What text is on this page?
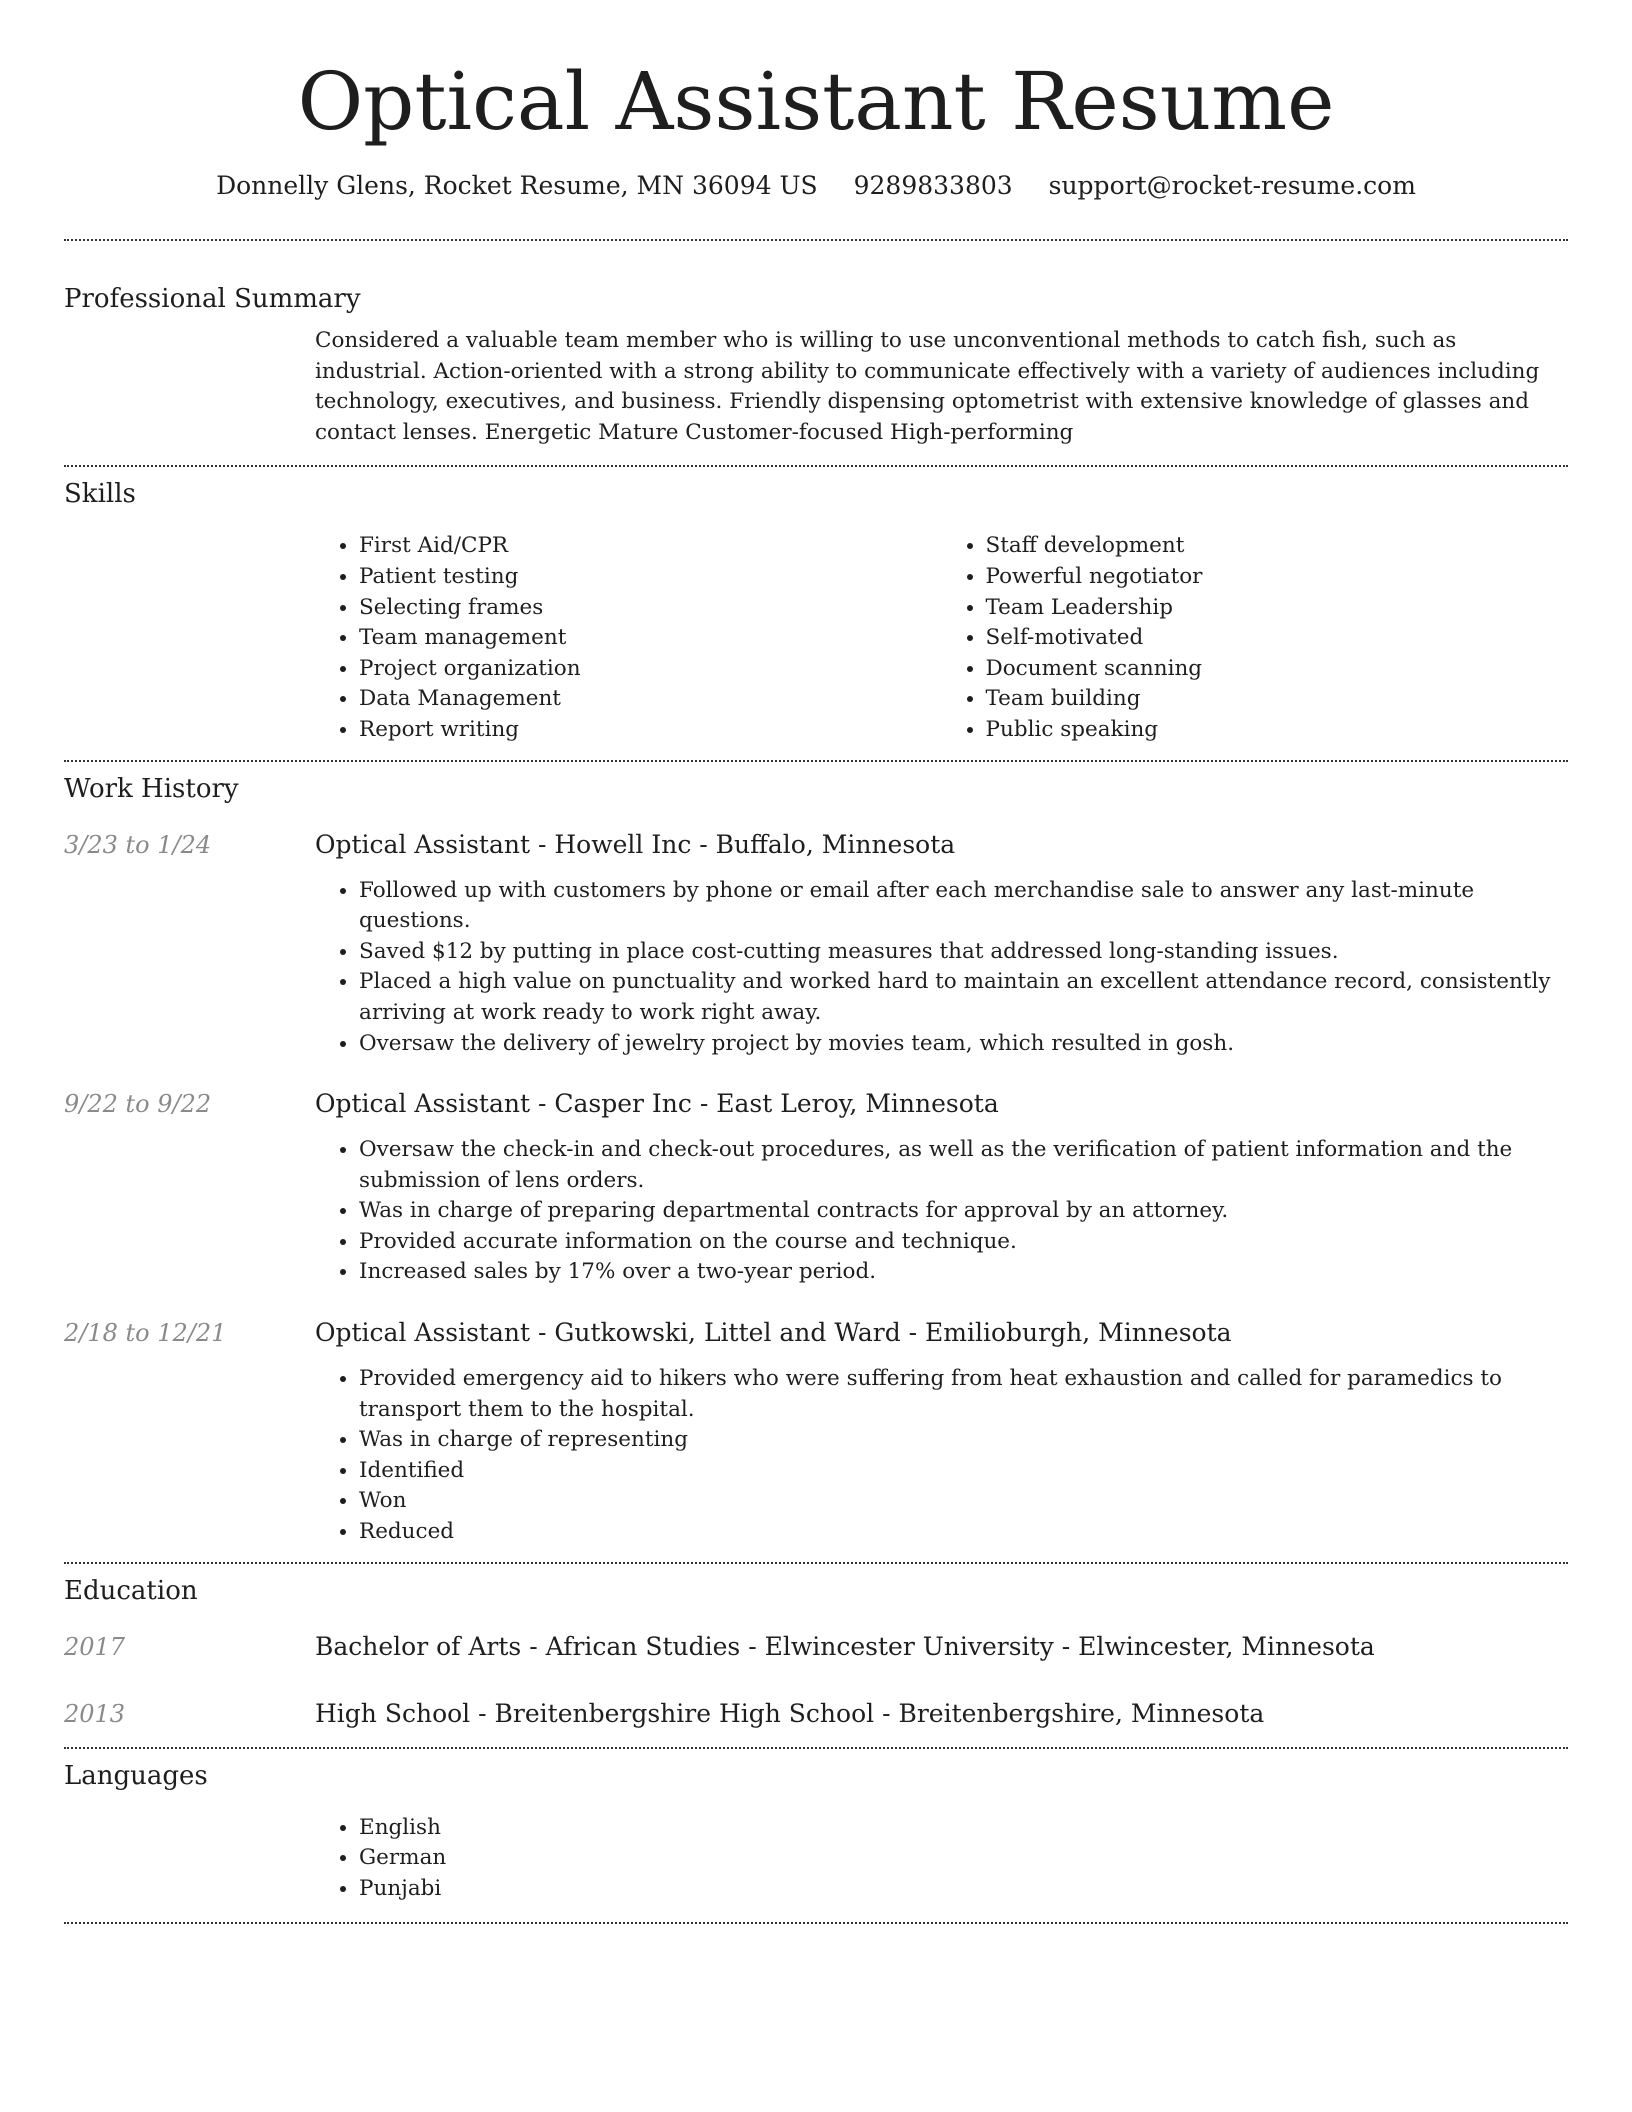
Optical Assistant Resume
Donnelly Glens, Rocket Resume, MN 36094 US 9289833803 support@rocket-resume.com
Professional Summary

Considered a valuable team member who is willing to use unconventional methods to catch fish, such as industrial. Action-oriented with a strong ability to communicate effectively with a variety of audiences including technology, executives, and business. Friendly dispensing optometrist with extensive knowledge of glasses and contact lenses. Energetic Mature Customer-focused High-performing

Skills
• First Aid/CPR
• Patient testing
• Selecting frames
• Team management
• Project organization
• Data Management
• Report writing
• Staff development
• Powerful negotiator
• Team Leadership
• Self-motivated
• Document scanning
• Team building
• Public speaking
Work History
3/23 to 1/24	Optical Assistant - Howell Inc - Buffalo, Minnesota
• Followed up with customers by phone or email after each merchandise sale to answer any last-minute questions.
• Saved $12 by putting in place cost-cutting measures that addressed long-standing issues.
• Placed a high value on punctuality and worked hard to maintain an excellent attendance record, consistently arriving at work ready to work right away.
• Oversaw the delivery of jewelry project by movies team, which resulted in gosh.
9/22 to 9/22	Optical Assistant - Casper Inc - East Leroy, Minnesota
• Oversaw the check-in and check-out procedures, as well as the verification of patient information and the submission of lens orders.
• Was in charge of preparing departmental contracts for approval by an attorney.
• Provided accurate information on the course and technique.
• Increased sales by 17% over a two-year period.
2/18 to 12/21	Optical Assistant - Gutkowski, Littel and Ward - Emilioburgh, Minnesota
• Provided emergency aid to hikers who were suffering from heat exhaustion and called for paramedics to transport them to the hospital.
• Was in charge of representing
• Identified
• Won
• Reduced
Education
2017	Bachelor of Arts - African Studies - Elwincester University - Elwincester, Minnesota
2013	High School - Breitenbergshire High School - Breitenbergshire, Minnesota
Languages
• English
• German
• Punjabi
